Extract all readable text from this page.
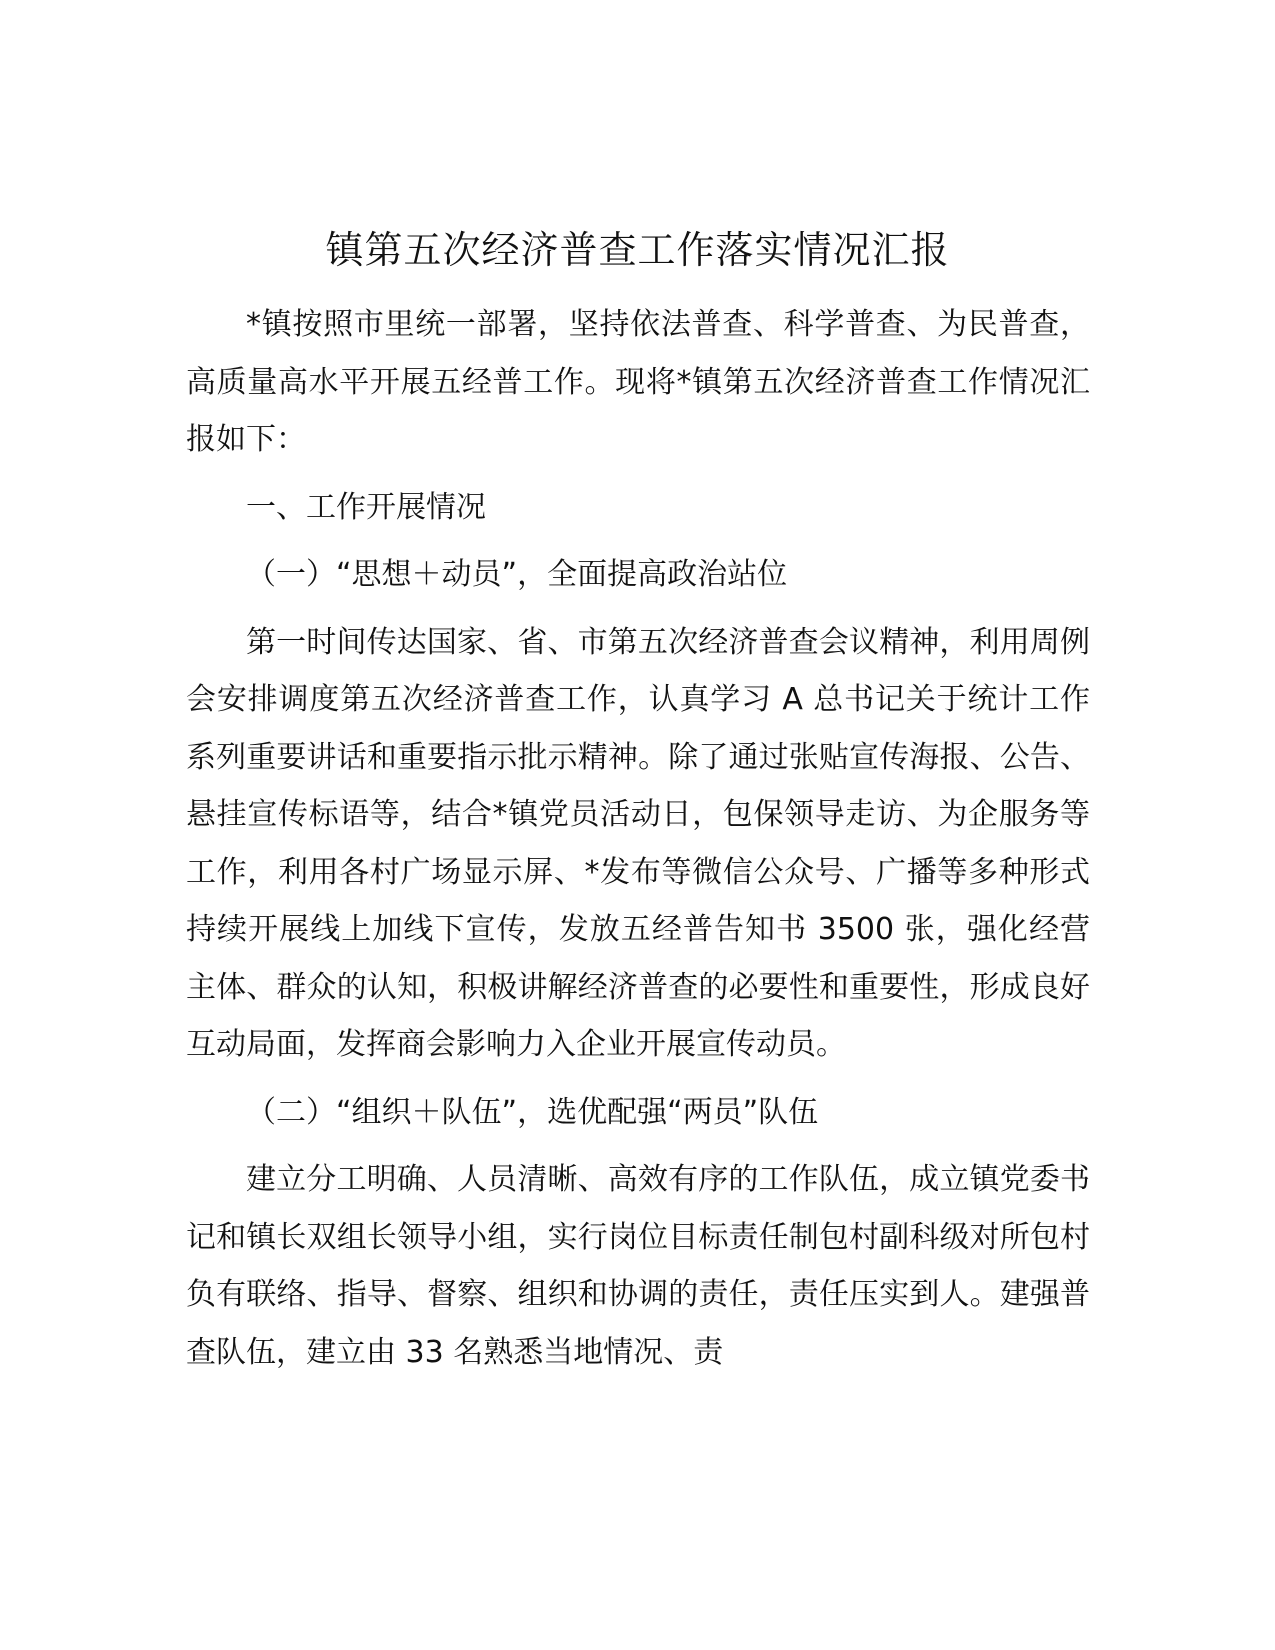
镇第五次经济普查工作落实情况汇报

*镇按照市里统一部署，坚持依法普查、科学普查、为民普查，高质量高水平开展五经普工作。现将*镇第五次经济普查工作情况汇报如下：

一、工作开展情况

（一）“思想＋动员”，全面提高政治站位

第一时间传达国家、省、市第五次经济普查会议精神，利用周例会安排调度第五次经济普查工作，认真学习 A 总书记关于统计工作系列重要讲话和重要指示批示精神。除了通过张贴宣传海报、公告、悬挂宣传标语等，结合*镇党员活动日，包保领导走访、为企服务等工作，利用各村广场显示屏、*发布等微信公众号、广播等多种形式持续开展线上加线下宣传，发放五经普告知书 3500 张，强化经营主体、群众的认知，积极讲解经济普查的必要性和重要性，形成良好互动局面，发挥商会影响力入企业开展宣传动员。

（二）“组织＋队伍”，选优配强“两员”队伍

建立分工明确、人员清晰、高效有序的工作队伍，成立镇党委书记和镇长双组长领导小组，实行岗位目标责任制包村副科级对所包村负有联络、指导、督察、组织和协调的责任，责任压实到人。建强普查队伍，建立由 33 名熟悉当地情况、责
